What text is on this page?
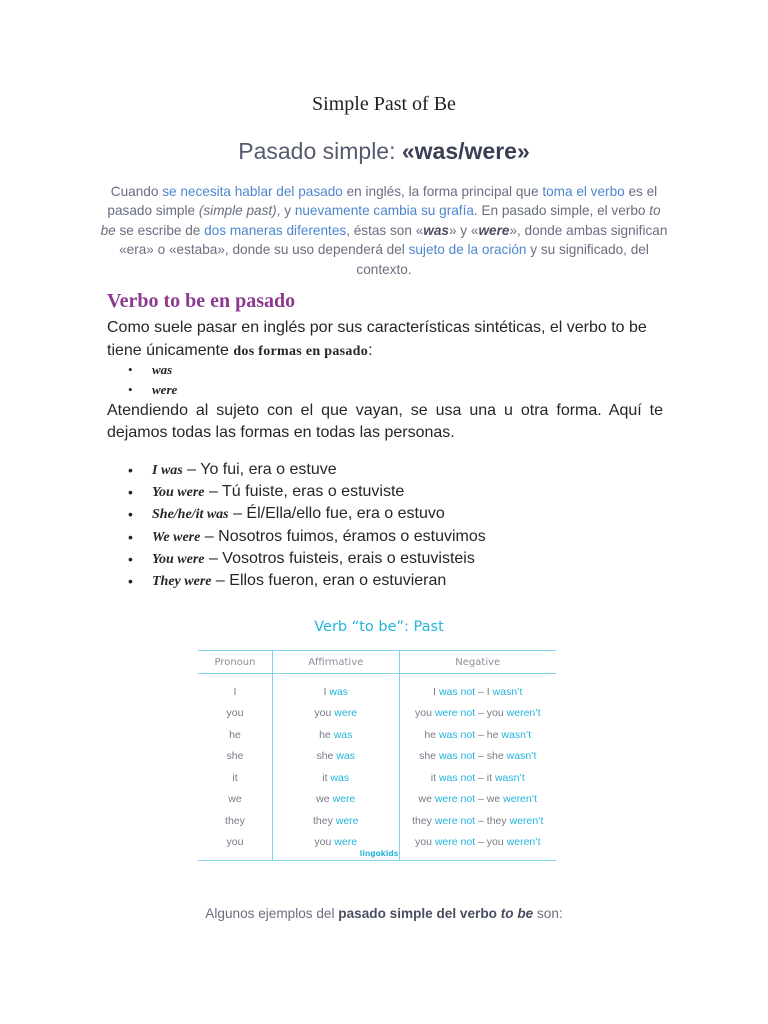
Simple Past of Be
Pasado simple: «was/were»
Cuando se necesita hablar del pasado en inglés, la forma principal que toma el verbo es el pasado simple (simple past), y nuevamente cambia su grafía. En pasado simple, el verbo to be se escribe de dos maneras diferentes, éstas son «was» y «were», donde ambas significan «era» o «estaba», donde su uso dependerá del sujeto de la oración y su significado, del contexto.
Verbo to be en pasado
Como suele pasar en inglés por sus características sintéticas, el verbo to be tiene únicamente dos formas en pasado:
• was
• were
Atendiendo al sujeto con el que vayan, se usa una u otra forma. Aquí te dejamos todas las formas en todas las personas.
• I was – Yo fui, era o estuve
• You were – Tú fuiste, eras o estuviste
• She/he/it was – Él/Ella/ello fue, era o estuvo
• We were – Nosotros fuimos, éramos o estuvimos
• You were – Vosotros fuisteis, erais o estuvisteis
• They were – Ellos fueron, eran o estuvieran
Verb “to be”: Past
Pronoun	Affirmative	Negative
I	I was	I was not – I wasn’t
you	you were	you were not – you weren’t
he	he was	he was not – he wasn’t
she	she was	she was not – she wasn’t
it	it was	it was not – it wasn’t
we	we were	we were not – we weren’t
they	they were	they were not – they weren’t
you	you were	you were not – you weren’t
lingokids
Algunos ejemplos del pasado simple del verbo to be son:
